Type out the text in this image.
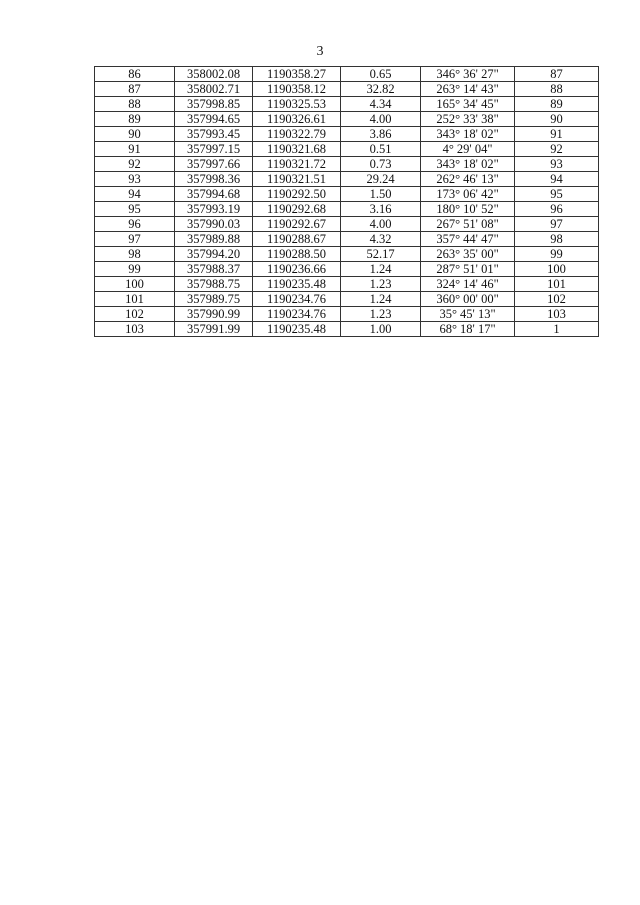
3
86	358002.08	1190358.27	0.65	346° 36' 27"	87
87	358002.71	1190358.12	32.82	263° 14' 43"	88
88	357998.85	1190325.53	4.34	165° 34' 45"	89
89	357994.65	1190326.61	4.00	252° 33' 38"	90
90	357993.45	1190322.79	3.86	343° 18' 02"	91
91	357997.15	1190321.68	0.51	4° 29' 04"	92
92	357997.66	1190321.72	0.73	343° 18' 02"	93
93	357998.36	1190321.51	29.24	262° 46' 13"	94
94	357994.68	1190292.50	1.50	173° 06' 42"	95
95	357993.19	1190292.68	3.16	180° 10' 52"	96
96	357990.03	1190292.67	4.00	267° 51' 08"	97
97	357989.88	1190288.67	4.32	357° 44' 47"	98
98	357994.20	1190288.50	52.17	263° 35' 00"	99
99	357988.37	1190236.66	1.24	287° 51' 01"	100
100	357988.75	1190235.48	1.23	324° 14' 46"	101
101	357989.75	1190234.76	1.24	360° 00' 00"	102
102	357990.99	1190234.76	1.23	35° 45' 13"	103
103	357991.99	1190235.48	1.00	68° 18' 17"	1
